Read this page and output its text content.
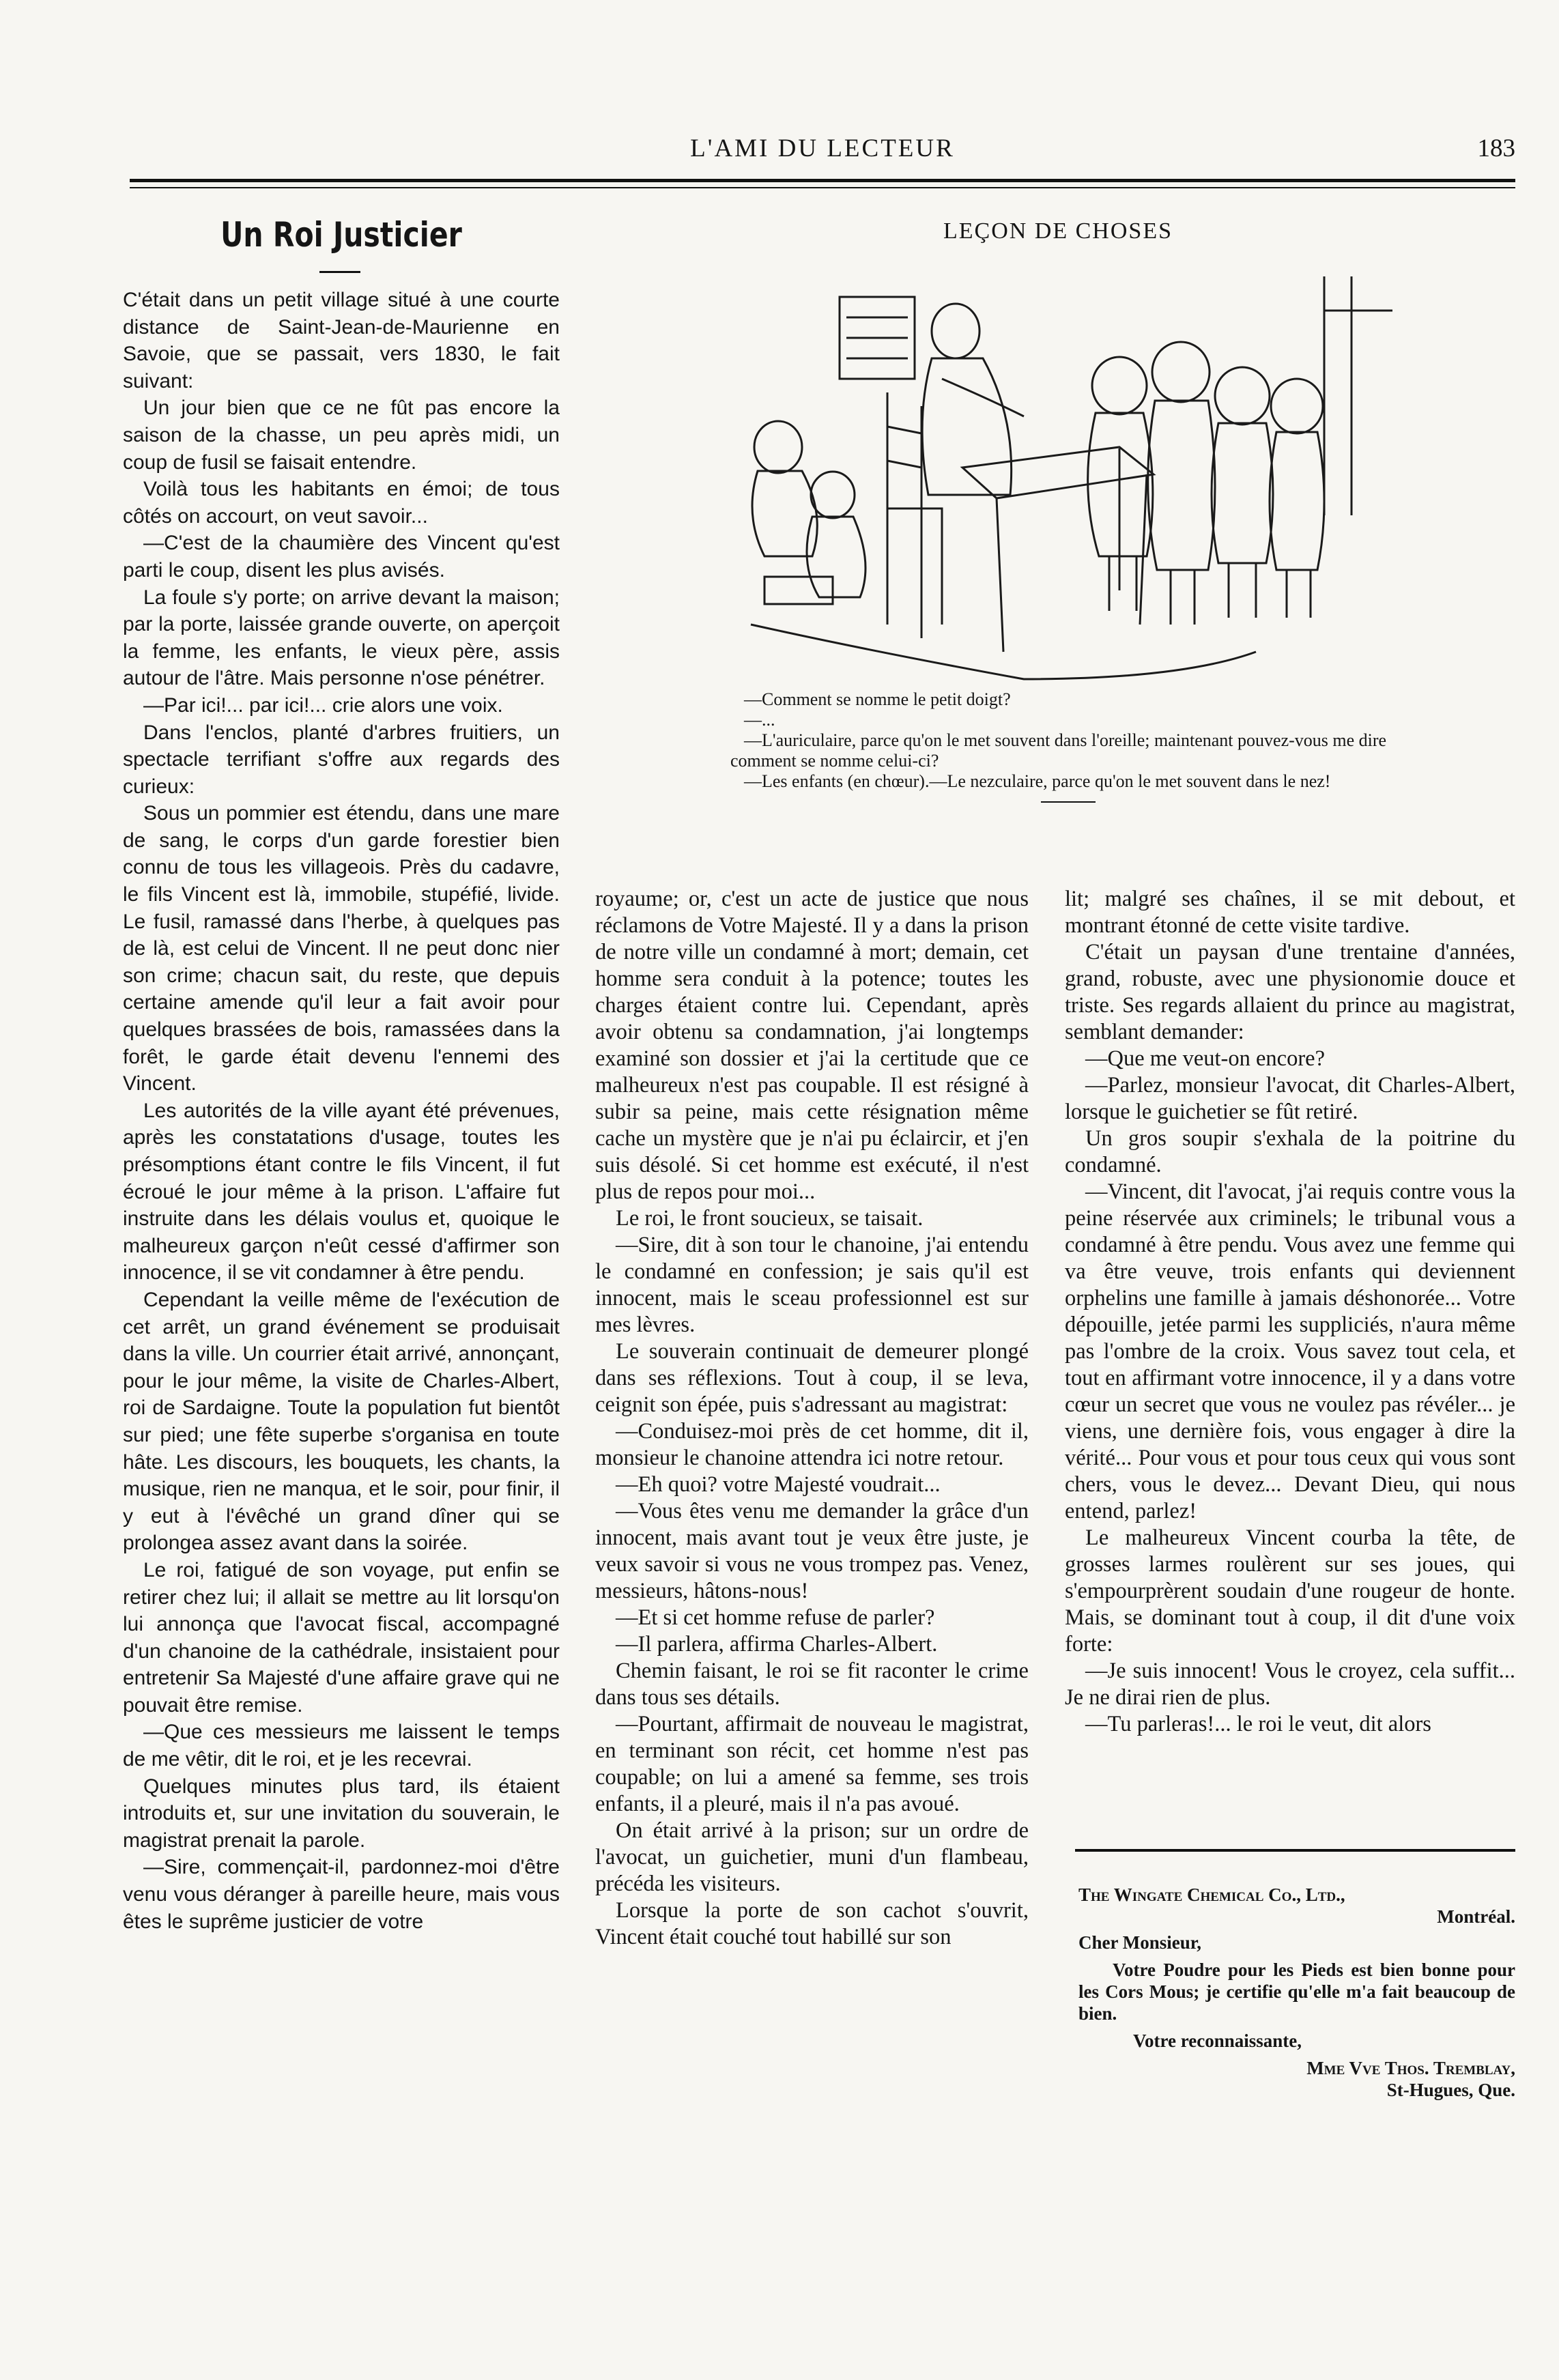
L'AMI DU LECTEUR	183
Un Roi Justicier

C'était dans un petit village situé à une courte distance de Saint-Jean-de-Maurienne en Savoie, que se passait, vers 1830, le fait suivant:

Un jour bien que ce ne fût pas encore la saison de la chasse, un peu après midi, un coup de fusil se faisait entendre.

Voilà tous les habitants en émoi; de tous côtés on accourt, on veut savoir...

—C'est de la chaumière des Vincent qu'est parti le coup, disent les plus avisés.

La foule s'y porte; on arrive devant la maison; par la porte, laissée grande ouverte, on aperçoit la femme, les enfants, le vieux père, assis autour de l'âtre. Mais personne n'ose pénétrer.

—Par ici!... par ici!... crie alors une voix.

Dans l'enclos, planté d'arbres fruitiers, un spectacle terrifiant s'offre aux regards des curieux:

Sous un pommier est étendu, dans une mare de sang, le corps d'un garde forestier bien connu de tous les villageois. Près du cadavre, le fils Vincent est là, immobile, stupéfié, livide. Le fusil, ramassé dans l'herbe, à quelques pas de là, est celui de Vincent. Il ne peut donc nier son crime; chacun sait, du reste, que depuis certaine amende qu'il leur a fait avoir pour quelques brassées de bois, ramassées dans la forêt, le garde était devenu l'ennemi des Vincent.

Les autorités de la ville ayant été prévenues, après les constatations d'usage, toutes les présomptions étant contre le fils Vincent, il fut écroué le jour même à la prison. L'affaire fut instruite dans les délais voulus et, quoique le malheureux garçon n'eût cessé d'affirmer son innocence, il se vit condamner à être pendu.

Cependant la veille même de l'exécution de cet arrêt, un grand événement se produisait dans la ville. Un courrier était arrivé, annonçant, pour le jour même, la visite de Charles-Albert, roi de Sardaigne. Toute la population fut bientôt sur pied; une fête superbe s'organisa en toute hâte. Les discours, les bouquets, les chants, la musique, rien ne manqua, et le soir, pour finir, il y eut à l'évêché un grand dîner qui se prolongea assez avant dans la soirée.

Le roi, fatigué de son voyage, put enfin se retirer chez lui; il allait se mettre au lit lorsqu'on lui annonça que l'avocat fiscal, accompagné d'un chanoine de la cathédrale, insistaient pour entretenir Sa Majesté d'une affaire grave qui ne pouvait être remise.

—Que ces messieurs me laissent le temps de me vêtir, dit le roi, et je les recevrai.

Quelques minutes plus tard, ils étaient introduits et, sur une invitation du souverain, le magistrat prenait la parole.

—Sire, commençait-il, pardonnez-moi d'être venu vous déranger à pareille heure, mais vous êtes le suprême justicier de votre

LEÇON DE CHOSES

—Comment se nomme le petit doigt?

—...

—L'auriculaire, parce qu'on le met souvent dans l'oreille; maintenant pouvez-vous me dire comment se nomme celui-ci?

—Les enfants (en chœur).—Le nezculaire, parce qu'on le met souvent dans le nez!

royaume; or, c'est un acte de justice que nous réclamons de Votre Majesté. Il y a dans la prison de notre ville un condamné à mort; demain, cet homme sera conduit à la potence; toutes les charges étaient contre lui. Cependant, après avoir obtenu sa condamnation, j'ai longtemps examiné son dossier et j'ai la certitude que ce malheureux n'est pas coupable. Il est résigné à subir sa peine, mais cette résignation même cache un mystère que je n'ai pu éclaircir, et j'en suis désolé. Si cet homme est exécuté, il n'est plus de repos pour moi...

Le roi, le front soucieux, se taisait.

—Sire, dit à son tour le chanoine, j'ai entendu le condamné en confession; je sais qu'il est innocent, mais le sceau professionnel est sur mes lèvres.

Le souverain continuait de demeurer plongé dans ses réflexions. Tout à coup, il se leva, ceignit son épée, puis s'adressant au magistrat:

—Conduisez-moi près de cet homme, dit il, monsieur le chanoine attendra ici notre retour.

—Eh quoi? votre Majesté voudrait...

—Vous êtes venu me demander la grâce d'un innocent, mais avant tout je veux être juste, je veux savoir si vous ne vous trompez pas. Venez, messieurs, hâtons-nous!

—Et si cet homme refuse de parler?

—Il parlera, affirma Charles-Albert.

Chemin faisant, le roi se fit raconter le crime dans tous ses détails.

—Pourtant, affirmait de nouveau le magistrat, en terminant son récit, cet homme n'est pas coupable; on lui a amené sa femme, ses trois enfants, il a pleuré, mais il n'a pas avoué.

On était arrivé à la prison; sur un ordre de l'avocat, un guichetier, muni d'un flambeau, précéda les visiteurs.

Lorsque la porte de son cachot s'ouvrit, Vincent était couché tout habillé sur son

lit; malgré ses chaînes, il se mit debout, et montrant étonné de cette visite tardive.

C'était un paysan d'une trentaine d'années, grand, robuste, avec une physionomie douce et triste. Ses regards allaient du prince au magistrat, semblant demander:

—Que me veut-on encore?

—Parlez, monsieur l'avocat, dit Charles-Albert, lorsque le guichetier se fût retiré.

Un gros soupir s'exhala de la poitrine du condamné.

—Vincent, dit l'avocat, j'ai requis contre vous la peine réservée aux criminels; le tribunal vous a condamné à être pendu. Vous avez une femme qui va être veuve, trois enfants qui deviennent orphelins une famille à jamais déshonorée... Votre dépouille, jetée parmi les suppliciés, n'aura même pas l'ombre de la croix. Vous savez tout cela, et tout en affirmant votre innocence, il y a dans votre cœur un secret que vous ne voulez pas révéler... je viens, une dernière fois, vous engager à dire la vérité... Pour vous et pour tous ceux qui vous sont chers, vous le devez... Devant Dieu, qui nous entend, parlez!

Le malheureux Vincent courba la tête, de grosses larmes roulèrent sur ses joues, qui s'empourprèrent soudain d'une rougeur de honte. Mais, se dominant tout à coup, il dit d'une voix forte:

—Je suis innocent! Vous le croyez, cela suffit... Je ne dirai rien de plus.

—Tu parleras!... le roi le veut, dit alors

The Wingate Chemical Co., Ltd.,
Montréal.
Cher Monsieur,
Votre Poudre pour les Pieds est bien bonne pour les Cors Mous; je certifie qu'elle m'a fait beaucoup de bien.
Votre reconnaissante,
Mme Vve Thos. Tremblay,
St-Hugues, Que.
